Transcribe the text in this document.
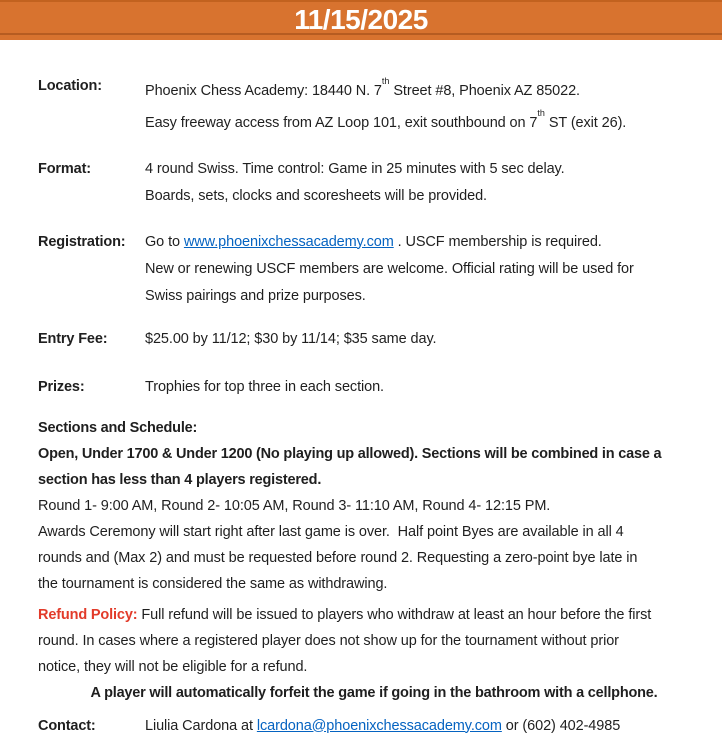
11/15/2025
Location:	Phoenix Chess Academy: 18440 N. 7th Street #8, Phoenix AZ 85022.
Easy freeway access from AZ Loop 101, exit southbound on 7th ST (exit 26).
Format:	4 round Swiss. Time control: Game in 25 minutes with 5 sec delay.
Boards, sets, clocks and scoresheets will be provided.
Registration:	Go to www.phoenixchessacademy.com . USCF membership is required.
New or renewing USCF members are welcome. Official rating will be used for
Swiss pairings and prize purposes.
Entry Fee:	$25.00 by 11/12; $30 by 11/14; $35 same day.
Prizes:	Trophies for top three in each section.
Sections and Schedule:
Open, Under 1700 & Under 1200 (No playing up allowed). Sections will be combined in case a
section has less than 4 players registered.
Round 1- 9:00 AM, Round 2- 10:05 AM, Round 3- 11:10 AM, Round 4- 12:15 PM.
Awards Ceremony will start right after last game is over.  Half point Byes are available in all 4
rounds and (Max 2) and must be requested before round 2. Requesting a zero-point bye late in
the tournament is considered the same as withdrawing.
Refund Policy: Full refund will be issued to players who withdraw at least an hour before the first
round. In cases where a registered player does not show up for the tournament without prior
notice, they will not be eligible for a refund.
A player will automatically forfeit the game if going in the bathroom with a cellphone.
Contact:	Liulia Cardona at lcardona@phoenixchessacademy.com or (602) 402-4985
